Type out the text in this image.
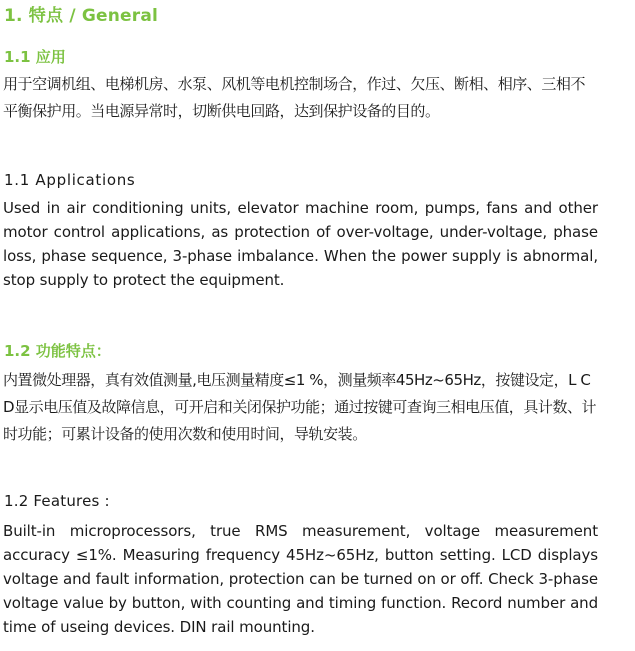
1. 特点 / General
1.1 应用

用于空调机组、电梯机房、水泵、风机等电机控制场合，作过、欠压、断相、相序、三相不平衡保护用。当电源异常时，切断供电回路，达到保护设备的目的。

1.1 Applications

Used in air conditioning units, elevator machine room, pumps, fans and other motor control applications, as protection of over-voltage, under-voltage, phase loss, phase sequence, 3-phase imbalance. When the power supply is abnormal, stop supply to protect the equipment.

1.2 功能特点：

内置微处理器，真有效值测量,电压测量精度≤1 %，测量频率45Hz~65Hz，按键设定，L C D显示电压值及故障信息，可开启和关闭保护功能；通过按键可查询三相电压值，具计数、计时功能；可累计设备的使用次数和使用时间，导轨安装。

1.2 Features :

Built-in microprocessors, true RMS measurement, voltage measurement accuracy ≤1%. Measuring frequency 45Hz~65Hz, button setting. LCD displays voltage and fault information, protection can be turned on or off. Check 3-phase voltage value by button, with counting and timing function. Record number and time of useing devices. DIN rail mounting.
